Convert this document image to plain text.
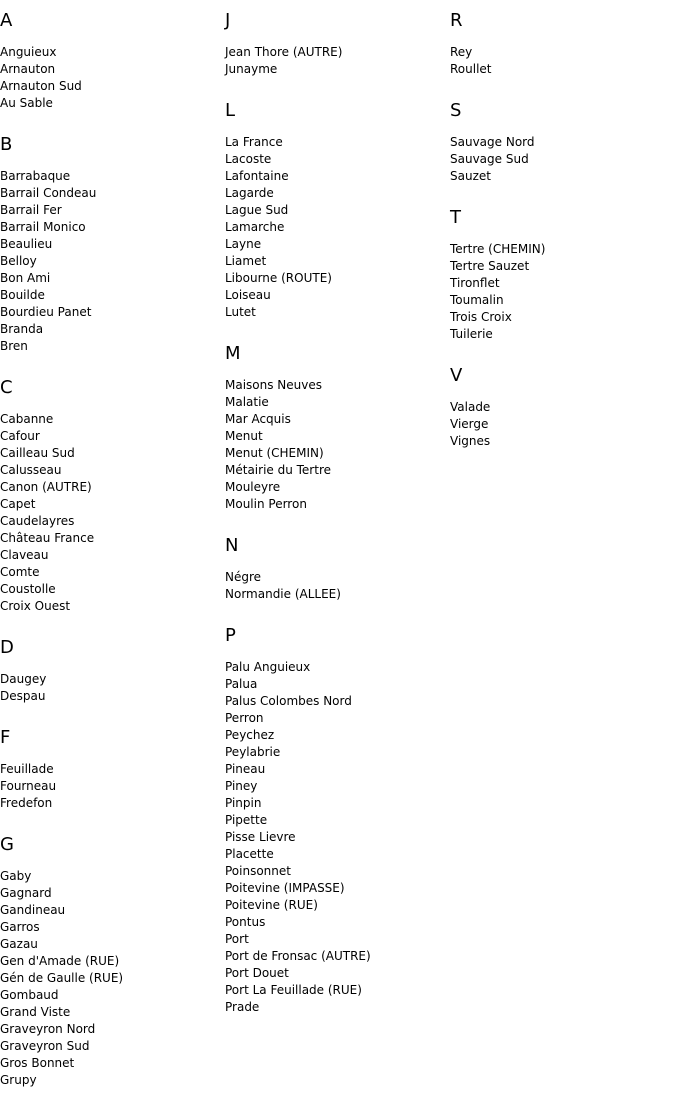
A
Anguieux
Arnauton
Arnauton Sud
Au Sable
B
Barrabaque
Barrail Condeau
Barrail Fer
Barrail Monico
Beaulieu
Belloy
Bon Ami
Bouilde
Bourdieu Panet
Branda
Bren
C
Cabanne
Cafour
Cailleau Sud
Calusseau
Canon (AUTRE)
Capet
Caudelayres
Château France
Claveau
Comte
Coustolle
Croix Ouest
D
Daugey
Despau
F
Feuillade
Fourneau
Fredefon
G
Gaby
Gagnard
Gandineau
Garros
Gazau
Gen d'Amade (RUE)
Gén de Gaulle (RUE)
Gombaud
Grand Viste
Graveyron Nord
Graveyron Sud
Gros Bonnet
Grupy
J
Jean Thore (AUTRE)
Junayme
L
La France
Lacoste
Lafontaine
Lagarde
Lague Sud
Lamarche
Layne
Liamet
Libourne (ROUTE)
Loiseau
Lutet
M
Maisons Neuves
Malatie
Mar Acquis
Menut
Menut (CHEMIN)
Métairie du Tertre
Mouleyre
Moulin Perron
N
Négre
Normandie (ALLEE)
P
Palu Anguieux
Palua
Palus Colombes Nord
Perron
Peychez
Peylabrie
Pineau
Piney
Pinpin
Pipette
Pisse Lievre
Placette
Poinsonnet
Poitevine (IMPASSE)
Poitevine (RUE)
Pontus
Port
Port de Fronsac (AUTRE)
Port Douet
Port La Feuillade (RUE)
Prade
R
Rey
Roullet
S
Sauvage Nord
Sauvage Sud
Sauzet
T
Tertre (CHEMIN)
Tertre Sauzet
Tironflet
Toumalin
Trois Croix
Tuilerie
V
Valade
Vierge
Vignes
